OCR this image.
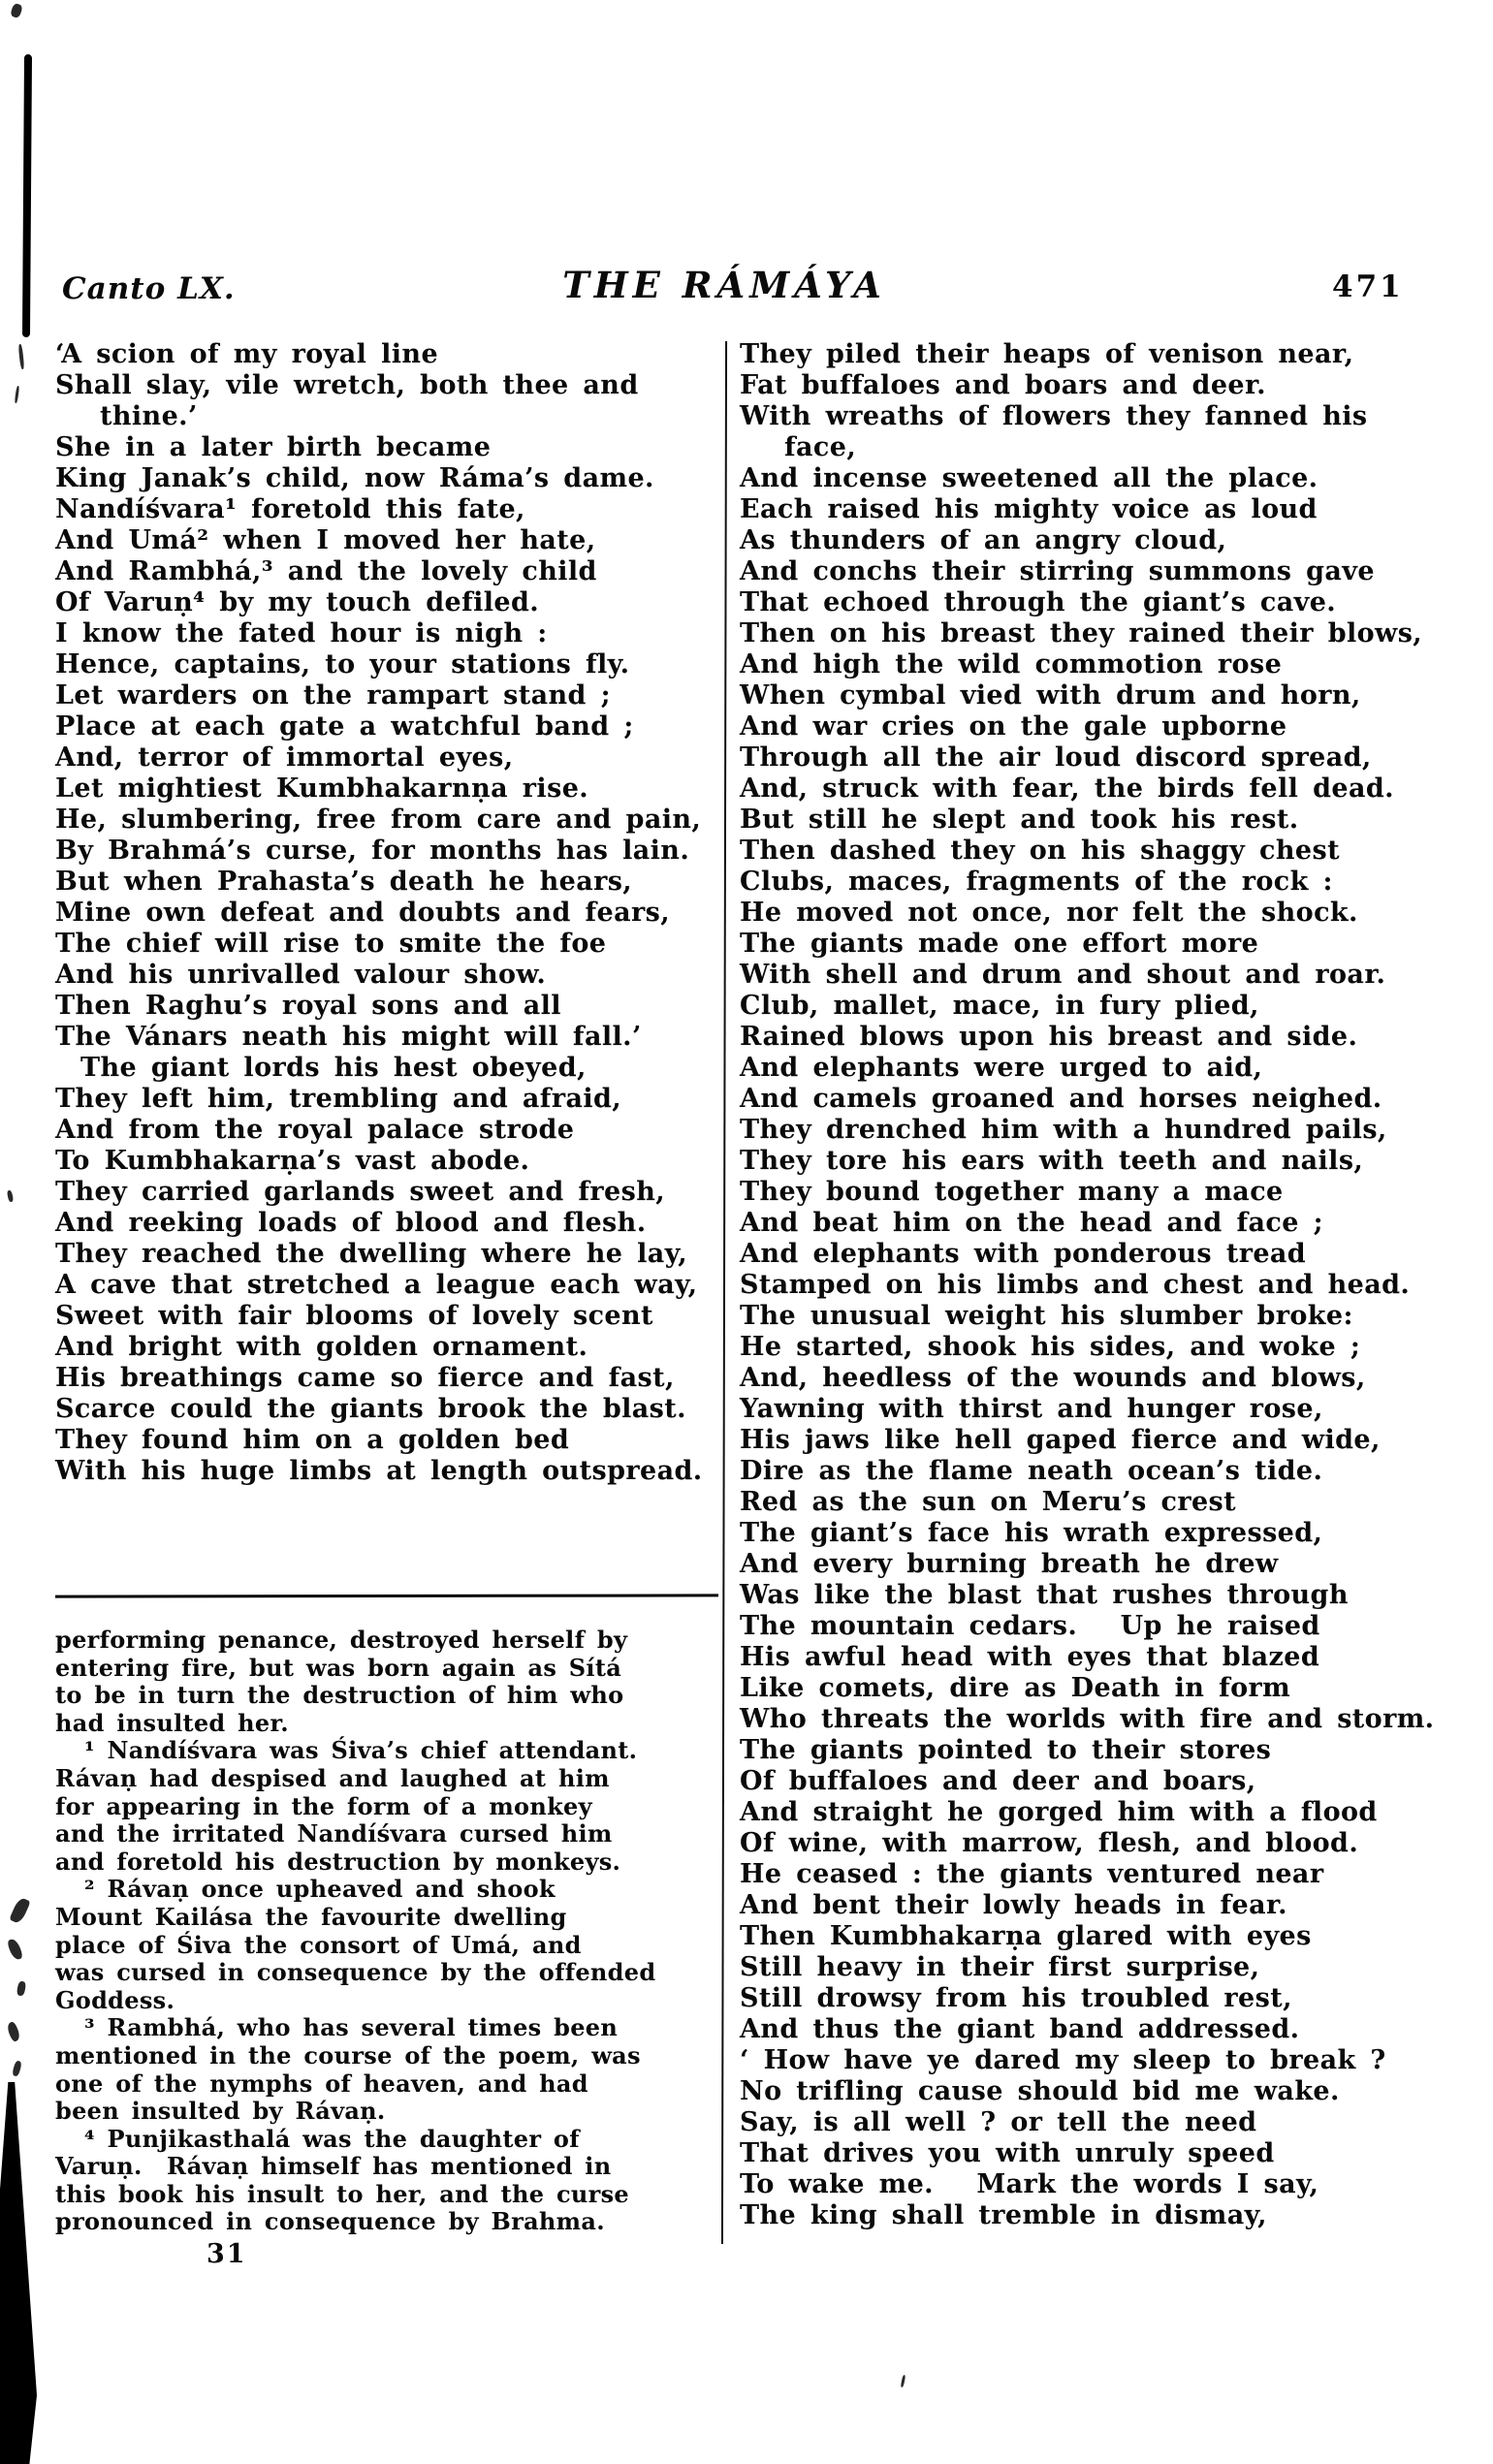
Canto LX.	THE RÁMÁYA	471
‘A scion of my royal line
Shall slay, vile wretch, both thee and
thine.’
She in a later birth became
King Janak’s child, now Ráma’s dame.
Nandíśvara¹ foretold this fate,
And Umá² when I moved her hate,
And Rambhá,³ and the lovely child
Of Varuṇ⁴ by my touch defiled.
I know the fated hour is nigh :
Hence, captains, to your stations fly.
Let warders on the rampart stand ;
Place at each gate a watchful band ;
And, terror of immortal eyes,
Let mightiest Kumbhakarnṇa rise.
He, slumbering, free from care and pain,
By Brahmá’s curse, for months has lain.
But when Prahasta’s death he hears,
Mine own defeat and doubts and fears,
The chief will rise to smite the foe
And his unrivalled valour show.
Then Raghu’s royal sons and all
The Vánars neath his might will fall.’
The giant lords his hest obeyed,
They left him, trembling and afraid,
And from the royal palace strode
To Kumbhakarṇa’s vast abode.
They carried garlands sweet and fresh,
And reeking loads of blood and flesh.
They reached the dwelling where he lay,
A cave that stretched a league each way,
Sweet with fair blooms of lovely scent
And bright with golden ornament.
His breathings came so fierce and fast,
Scarce could the giants brook the blast.
They found him on a golden bed
With his huge limbs at length outspread.
They piled their heaps of venison near,
Fat buffaloes and boars and deer.
With wreaths of flowers they fanned his
face,
And incense sweetened all the place.
Each raised his mighty voice as loud
As thunders of an angry cloud,
And conchs their stirring summons gave
That echoed through the giant’s cave.
Then on his breast they rained their blows,
And high the wild commotion rose
When cymbal vied with drum and horn,
And war cries on the gale upborne
Through all the air loud discord spread,
And, struck with fear, the birds fell dead.
But still he slept and took his rest.
Then dashed they on his shaggy chest
Clubs, maces, fragments of the rock :
He moved not once, nor felt the shock.
The giants made one effort more
With shell and drum and shout and roar.
Club, mallet, mace, in fury plied,
Rained blows upon his breast and side.
And elephants were urged to aid,
And camels groaned and horses neighed.
They drenched him with a hundred pails,
They tore his ears with teeth and nails,
They bound together many a mace
And beat him on the head and face ;
And elephants with ponderous tread
Stamped on his limbs and chest and head.
The unusual weight his slumber broke:
He started, shook his sides, and woke ;
And, heedless of the wounds and blows,
Yawning with thirst and hunger rose,
His jaws like hell gaped fierce and wide,
Dire as the flame neath ocean’s tide.
Red as the sun on Meru’s crest
The giant’s face his wrath expressed,
And every burning breath he drew
Was like the blast that rushes through
The mountain cedars.   Up he raised
His awful head with eyes that blazed
Like comets, dire as Death in form
Who threats the worlds with fire and storm.
The giants pointed to their stores
Of buffaloes and deer and boars,
And straight he gorged him with a flood
Of wine, with marrow, flesh, and blood.
He ceased : the giants ventured near
And bent their lowly heads in fear.
Then Kumbhakarṇa glared with eyes
Still heavy in their first surprise,
Still drowsy from his troubled rest,
And thus the giant band addressed.
‘ How have ye dared my sleep to break ?
No trifling cause should bid me wake.
Say, is all well ? or tell the need
That drives you with unruly speed
To wake me.   Mark the words I say,
The king shall tremble in dismay,
performing penance, destroyed herself by
entering fire, but was born again as Sítá
to be in turn the destruction of him who
had insulted her.
¹ Nandíśvara was Śiva’s chief attendant.
Rávaṇ had despised and laughed at him
for appearing in the form of a monkey
and the irritated Nandíśvara cursed him
and foretold his destruction by monkeys.
² Rávaṇ once upheaved and shook
Mount Kailása the favourite dwelling
place of Śiva the consort of Umá, and
was cursed in consequence by the offended
Goddess.
³ Rambhá, who has several times been
mentioned in the course of the poem, was
one of the nymphs of heaven, and had
been insulted by Rávaṇ.
⁴ Punjikasthalá was the daughter of
Varuṇ.  Rávaṇ himself has mentioned in
this book his insult to her, and the curse
pronounced in consequence by Brahma.
31
